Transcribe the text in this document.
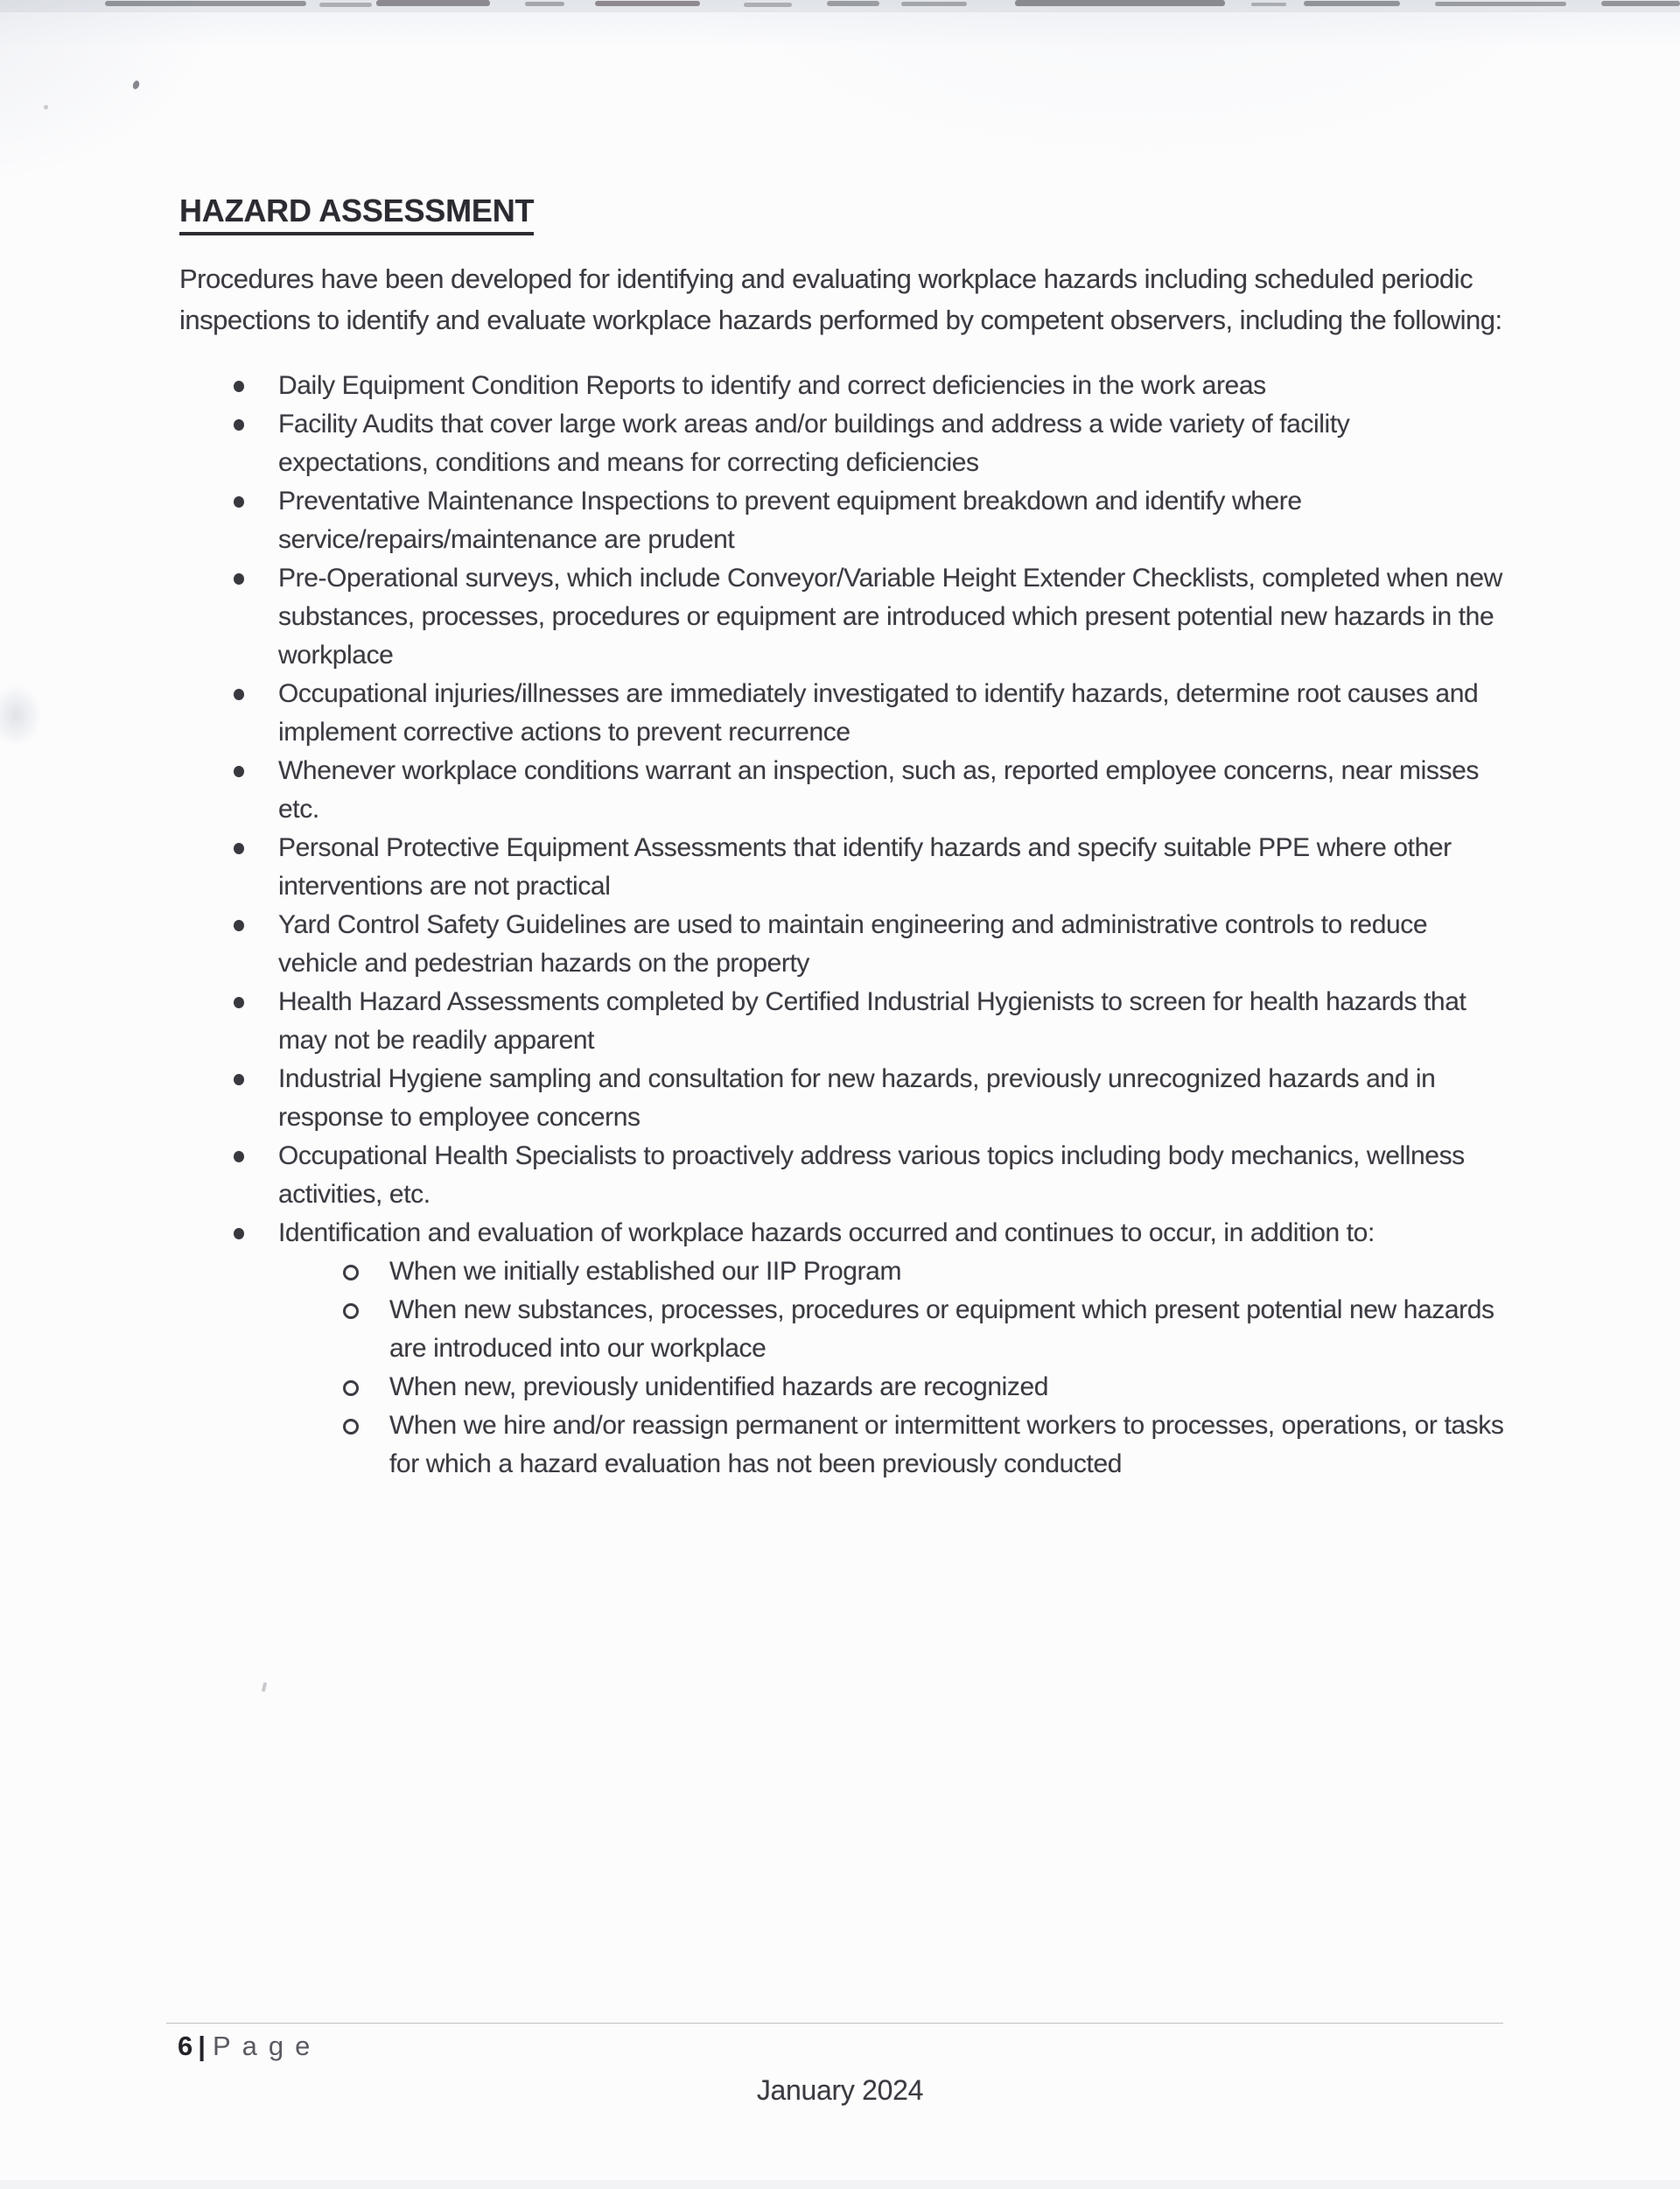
HAZARD ASSESSMENT

Procedures have been developed for identifying and evaluating workplace hazards including scheduled periodic inspections to identify and evaluate workplace hazards performed by competent observers, including the following:

Daily Equipment Condition Reports to identify and correct deficiencies in the work areas
Facility Audits that cover large work areas and/or buildings and address a wide variety of facility expectations, conditions and means for correcting deficiencies
Preventative Maintenance Inspections to prevent equipment breakdown and identify where service/repairs/maintenance are prudent
Pre-Operational surveys, which include Conveyor/Variable Height Extender Checklists, completed when new substances, processes, procedures or equipment are introduced which present potential new hazards in the workplace
Occupational injuries/illnesses are immediately investigated to identify hazards, determine root causes and implement corrective actions to prevent recurrence
Whenever workplace conditions warrant an inspection, such as, reported employee concerns, near misses etc.
Personal Protective Equipment Assessments that identify hazards and specify suitable PPE where other interventions are not practical
Yard Control Safety Guidelines are used to maintain engineering and administrative controls to reduce vehicle and pedestrian hazards on the property
Health Hazard Assessments completed by Certified Industrial Hygienists to screen for health hazards that may not be readily apparent
Industrial Hygiene sampling and consultation for new hazards, previously unrecognized hazards and in response to employee concerns
Occupational Health Specialists to proactively address various topics including body mechanics, wellness activities, etc.
Identification and evaluation of workplace hazards occurred and continues to occur, in addition to:
When we initially established our IIP Program
When new substances, processes, procedures or equipment which present potential new hazards are introduced into our workplace
When new, previously unidentified hazards are recognized
When we hire and/or reassign permanent or intermittent workers to processes, operations, or tasks for which a hazard evaluation has not been previously conducted
6 | Page
January 2024
